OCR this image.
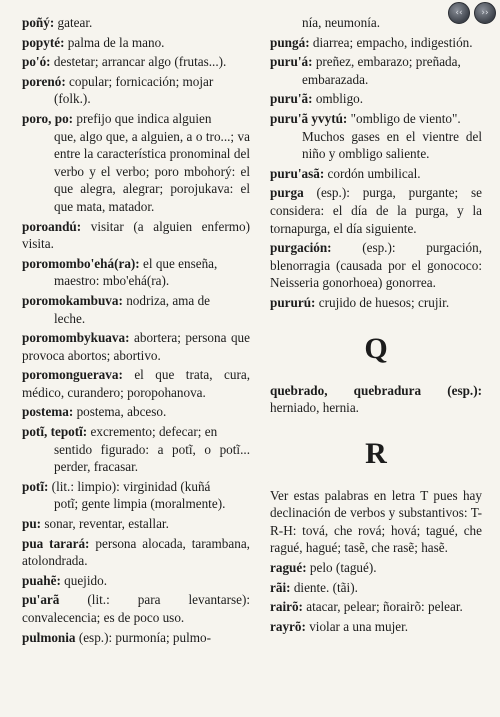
‹‹ ››
poñý: gatear.
popyté: palma de la mano.
po'ó: destetar; arrancar algo (frutas...).
porenó: copular; fornicación; mojar
(folk.).
poro, po: prefijo que indica alguien
que, algo que, a alguien, a o tro...; va entre la característica pronominal del verbo y el verbo; poro mbohorý: el que alegra, alegrar; porojukava: el que mata, matador.
poroandú: visitar (a alguien enfermo) visita.
poromombo'ehá(ra): el que enseña,
maestro: mbo'ehá(ra).
poromokambuva: nodriza, ama de
leche.
poromombykuava: abortera; persona que provoca abortos; abortivo.
poromonguerava: el que trata, cura, médico, curandero; poropohanova.
postema: postema, abceso.
potĩ, tepotĩ: excremento; defecar; en
sentido figurado: a potĩ, o potĩ... perder, fracasar.
potĩ: (lit.: limpio): virginidad (kuñá
potĩ; gente limpia (moralmente).
pu: sonar, reventar, estallar.
pua tarará: persona alocada, tarambana, atolondrada.
puahẽ: quejido.
pu'arã (lit.: para levantarse): convalecencia; es de poco uso.
pulmonia (esp.): purmonía; pulmo-
nía, neumonía.
pungá: diarrea; empacho, indigestión.
puru'á: preñez, embarazo; preñada,
embarazada.
puru'ã: ombligo.
puru'ã yvytú: "ombligo de viento".
Muchos gases en el vientre del niño y ombligo saliente.
puru'asã: cordón umbilical.
purga (esp.): purga, purgante; se considera: el día de la purga, y la tornapurga, el día siguiente.
purgación: (esp.): purgación, blenorragia (causada por el gonococo: Neisseria gonorhoea) gonorrea.
pururú: crujido de huesos; crujir.
Q
quebrado, quebradura (esp.): herniado, hernia.
R
Ver estas palabras en letra T pues hay declinación de verbos y substantivos: T-R-H: tová, che rová; hová; tagué, che ragué, hagué; tasẽ, che rasẽ; hasẽ.
ragué: pelo (tagué).
rãi: diente. (tãi).
rairõ: atacar, pelear; ñorairõ: pelear.
rayrõ: violar a una mujer.
